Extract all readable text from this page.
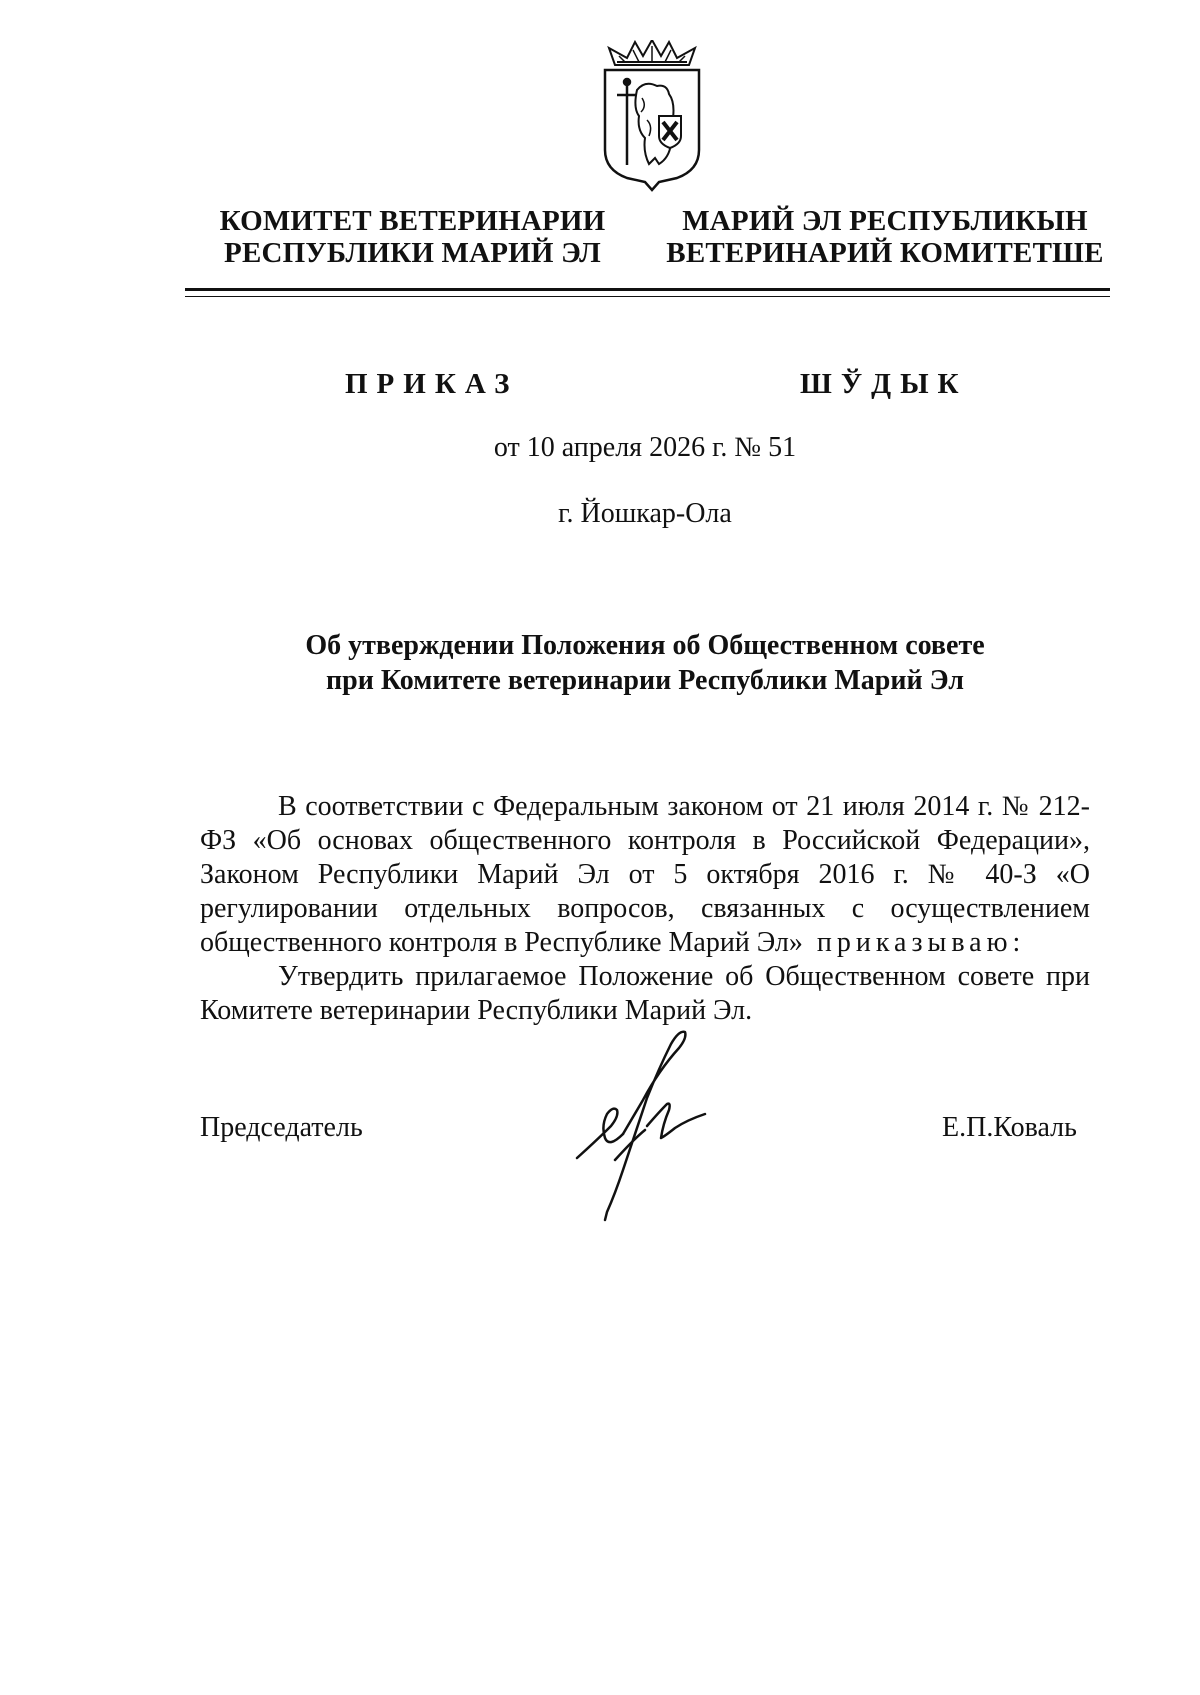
КОМИТЕТ ВЕТЕРИНАРИИ
РЕСПУБЛИКИ МАРИЙ ЭЛ
МАРИЙ ЭЛ РЕСПУБЛИКЫН
ВЕТЕРИНАРИЙ КОМИТЕТШЕ
ПРИКАЗ	ШЎДЫК
от 10 апреля 2026 г. № 51
г. Йошкар-Ола
Об утверждении Положения об Общественном совете
при Комитете ветеринарии Республики Марий Эл

В соответствии с Федеральным законом от 21 июля 2014 г. № 212-ФЗ «Об основах общественного контроля в Российской Федерации», Законом Республики Марий Эл от 5 октября 2016 г. № 40-З «О регулировании отдельных вопросов, связанных с осуществлением общественного контроля в Республике Марий Эл» приказываю:

Утвердить прилагаемое Положение об Общественном совете при Комитете ветеринарии Республики Марий Эл.

Председатель	Е.П.Коваль
